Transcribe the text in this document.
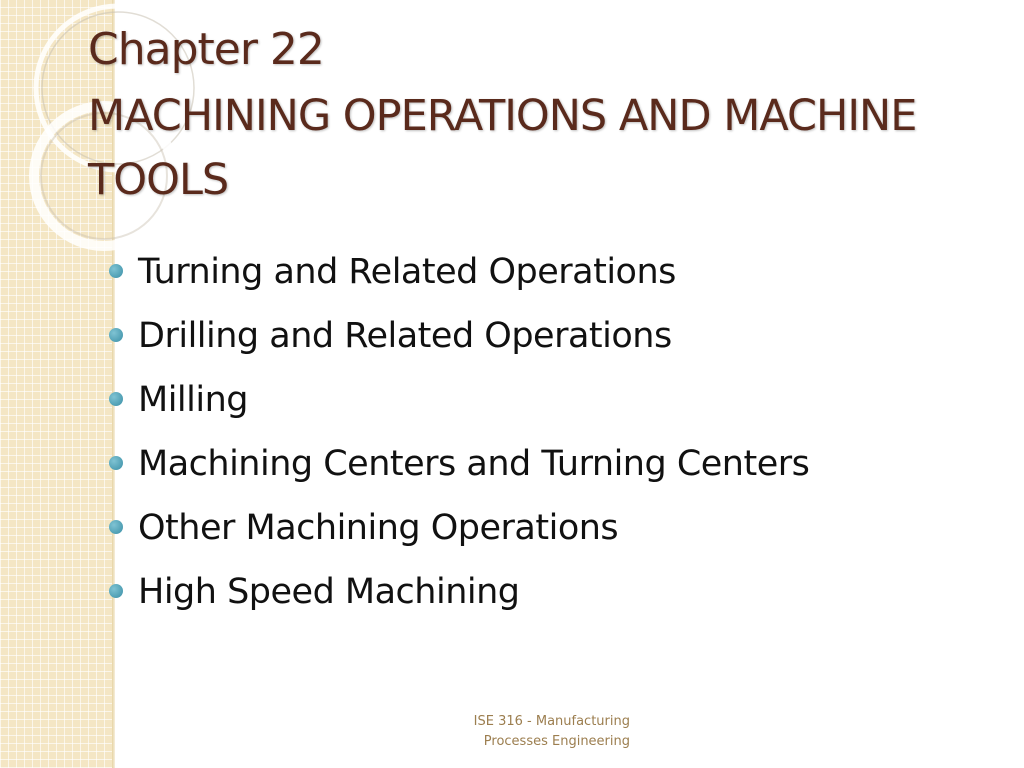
Chapter 22
MACHINING OPERATIONS AND MACHINE TOOLS
Turning and Related Operations
Drilling and Related Operations
Milling
Machining Centers and Turning Centers
Other Machining Operations
High Speed Machining
ISE 316 - Manufacturing
Processes Engineering
